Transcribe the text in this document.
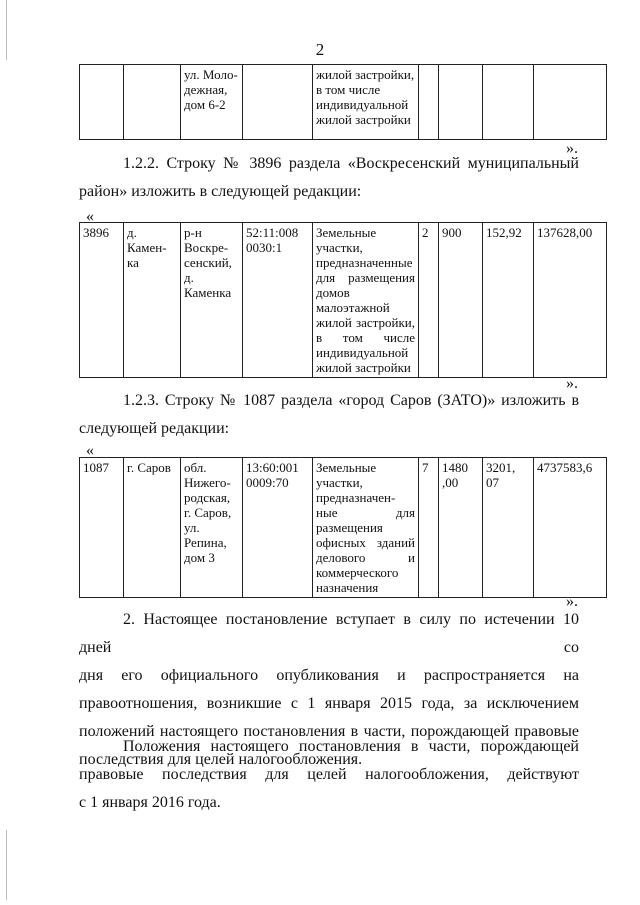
2
		ул. Моло-дежная, дом 6-2		жилой застройки, в том числе индивидуальной жилой застройки				
».
1.2.2. Строку № 3896 раздела «Воскресенский муниципальный
район» изложить в следующей редакции:
«
3896	д. Камен-ка	р-н Воскре-сенский, д. Каменка	52:11:008 0030:1	Земельные участки, предназначенные для размещения домов малоэтажной жилой застройки, в том числе индивидуальной жилой застройки	2	900	152,92	137628,00
».
1.2.3. Строку № 1087 раздела «город Саров (ЗАТО)» изложить в
следующей редакции:
«
1087	г. Саров	обл. Нижего-родская, г. Саров, ул. Репина, дом 3	13:60:001 0009:70	Земельные участки, предназначен-ные для размещения офисных зданий делового и коммерческого назначения	7	1480 ,00	3201, 07	4737583,6
».
2. Настоящее постановление вступает в силу по истечении 10 дней со
дня его официального опубликования и распространяется на
правоотношения, возникшие с 1 января 2015 года, за исключением
положений настоящего постановления в части, порождающей правовые
последствия для целей налогообложения.
Положения настоящего постановления в части, порождающей
правовые последствия для целей налогообложения, действуют
с 1 января 2016 года.
